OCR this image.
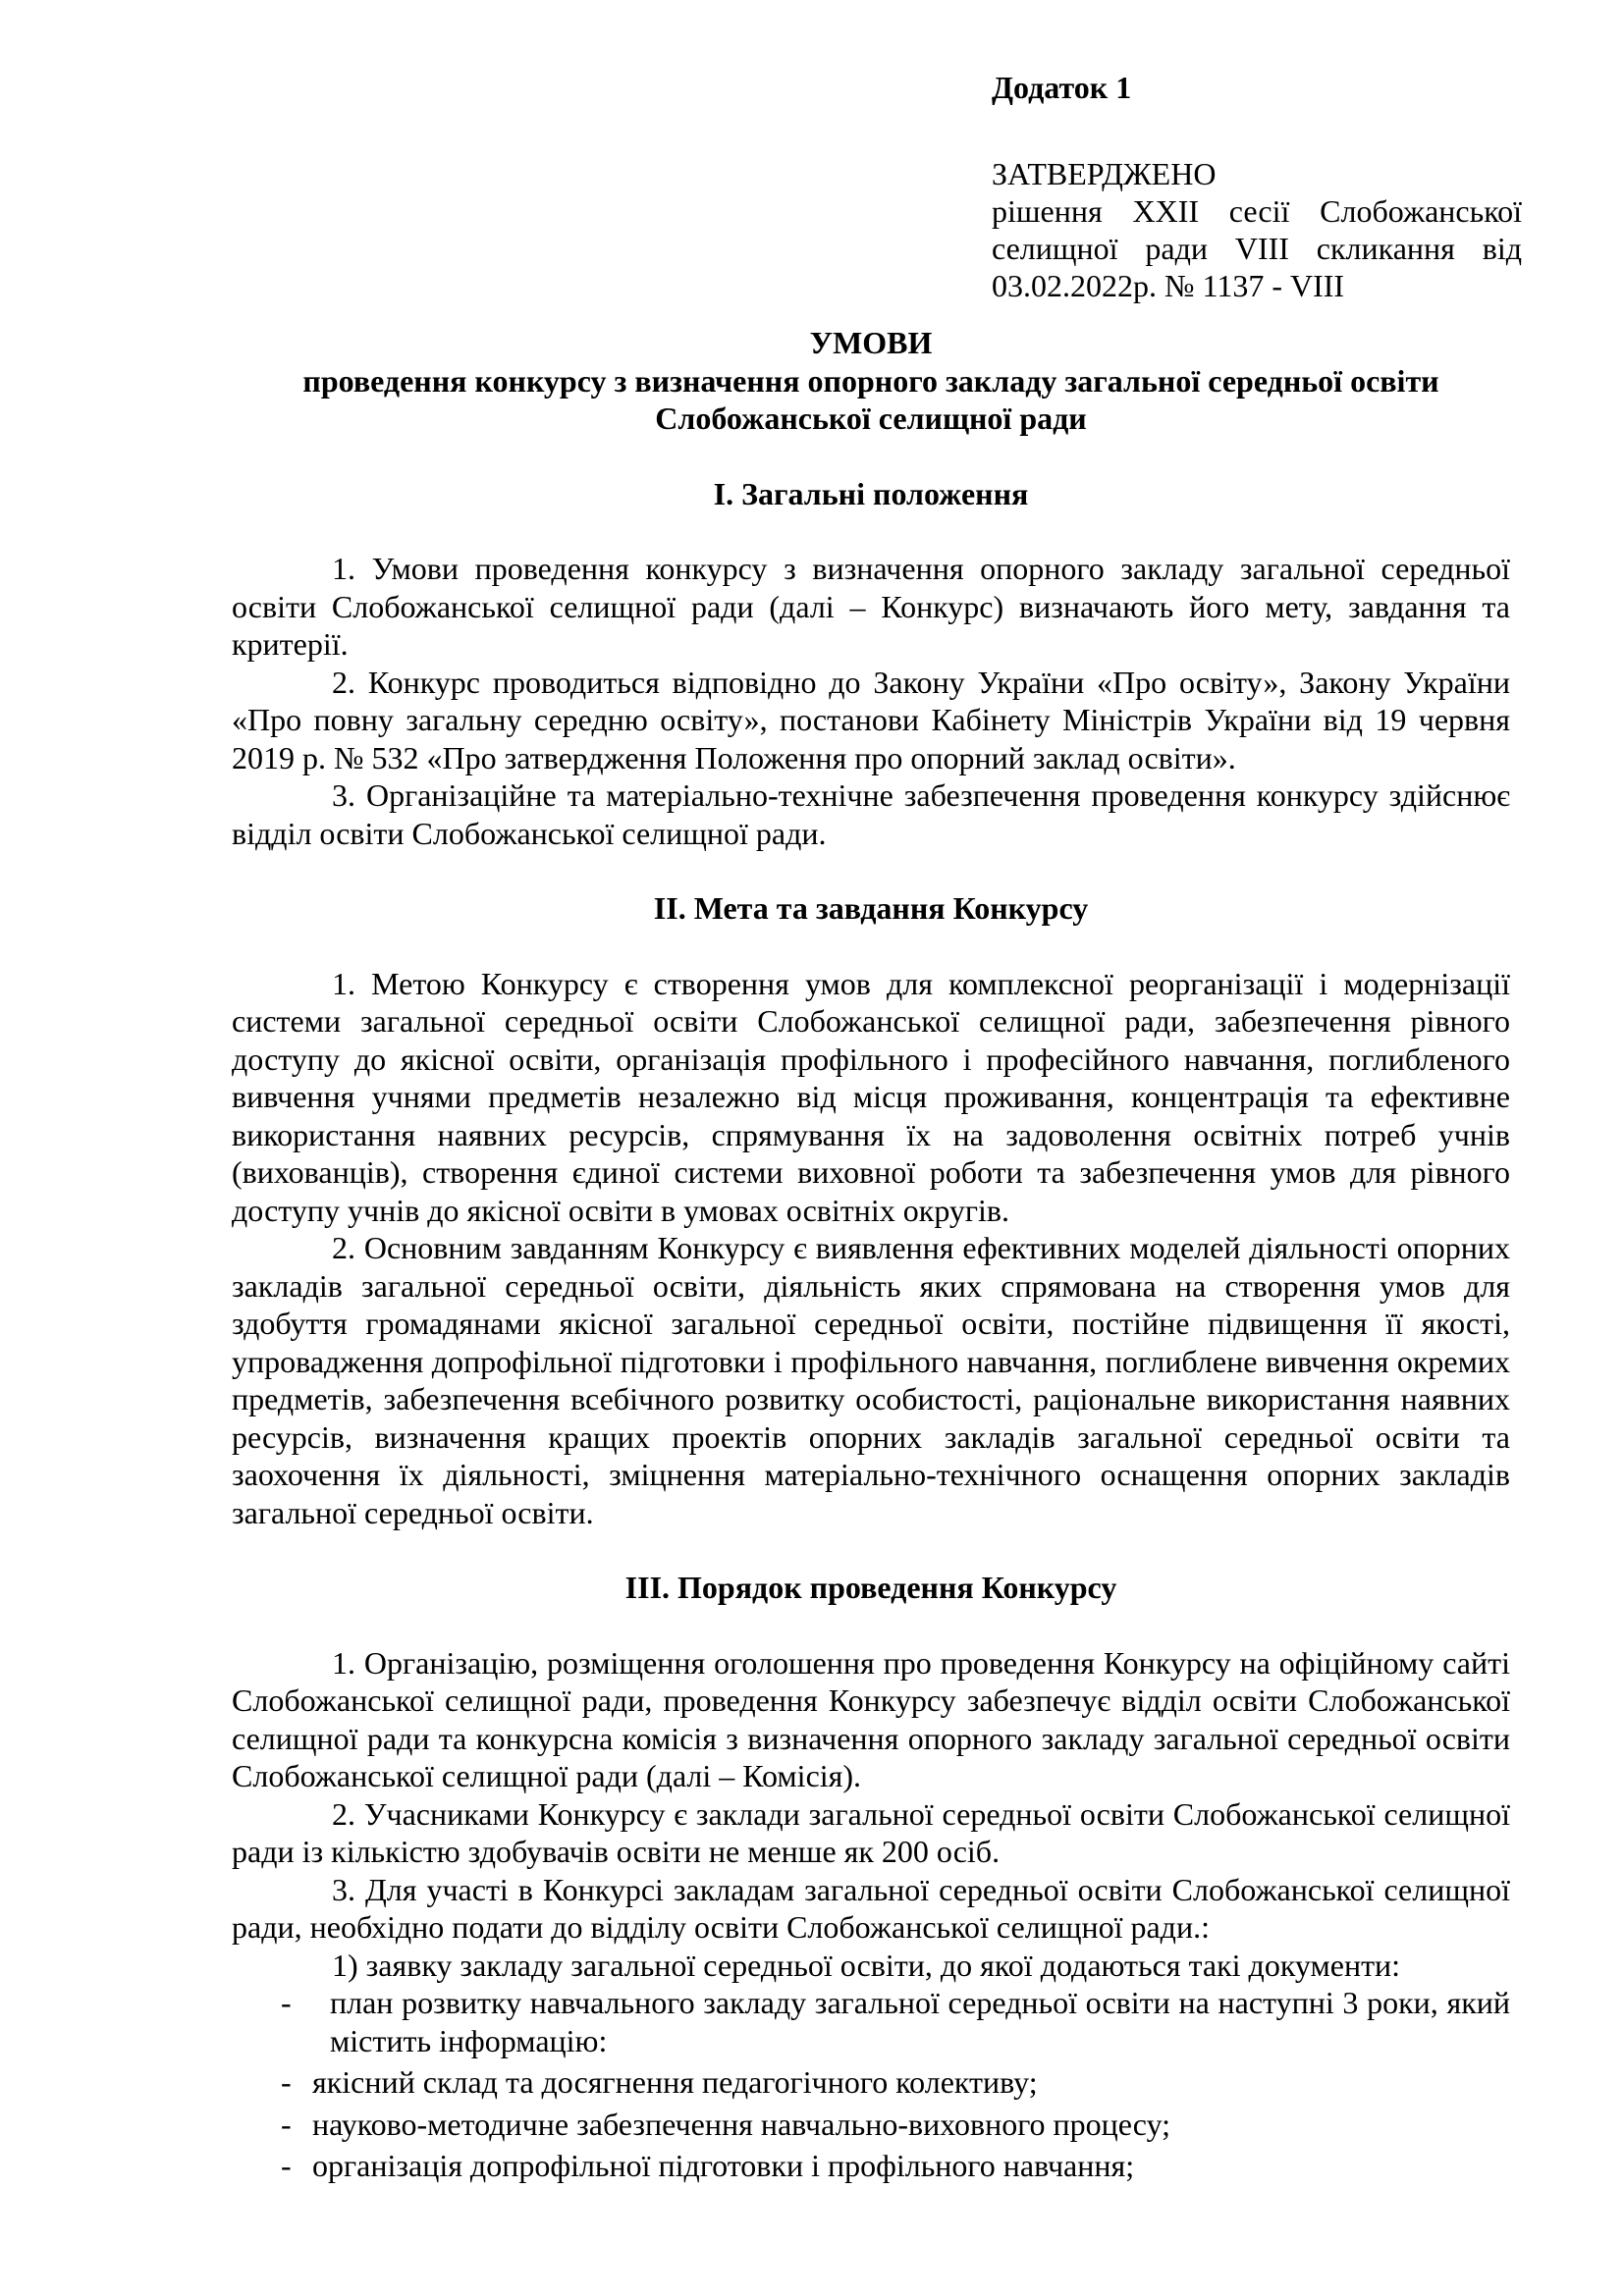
Додаток 1
ЗАТВЕРДЖЕНО
рішення XXII сесії Слобожанської
селищної ради VIII скликання від
03.02.2022р. № 1137 - VIII
УМОВИ
проведення конкурсу з визначення опорного закладу загальної середньої освіти
Слобожанської селищної ради
I. Загальні положення

1. Умови проведення конкурсу з визначення опорного закладу загальної середньої освіти Слобожанської селищної ради (далі – Конкурс) визначають його мету, завдання та критерії.

2. Конкурс проводиться відповідно до Закону України «Про освіту», Закону України «Про повну загальну середню освіту», постанови Кабінету Міністрів України від 19 червня 2019 р. № 532 «Про затвердження Положення про опорний заклад освіти».

3. Організаційне та матеріально-технічне забезпечення проведення конкурсу здійснює відділ освіти Слобожанської селищної ради.

II. Мета та завдання Конкурсу

1. Метою Конкурсу є створення умов для комплексної реорганізації і модернізації системи загальної середньої освіти Слобожанської селищної ради, забезпечення рівного доступу до якісної освіти, організація профільного і професійного навчання, поглибленого вивчення учнями предметів незалежно від місця проживання, концентрація та ефективне використання наявних ресурсів, спрямування їх на задоволення освітніх потреб учнів (вихованців), створення єдиної системи виховної роботи та забезпечення умов для рівного доступу учнів до якісної освіти в умовах освітніх округів.

2. Основним завданням Конкурсу є виявлення ефективних моделей діяльності опорних закладів загальної середньої освіти, діяльність яких спрямована на створення умов для здобуття громадянами якісної загальної середньої освіти, постійне підвищення її якості, упровадження допрофільної підготовки і профільного навчання, поглиблене вивчення окремих предметів, забезпечення всебічного розвитку особистості, раціональне використання наявних ресурсів, визначення кращих проектів опорних закладів загальної середньої освіти та заохочення їх діяльності, зміцнення матеріально-технічного оснащення опорних закладів загальної середньої освіти.

III. Порядок проведення Конкурсу

1. Організацію, розміщення оголошення про проведення Конкурсу на офіційному сайті Слобожанської селищної ради, проведення Конкурсу забезпечує відділ освіти Слобожанської селищної ради та конкурсна комісія з визначення опорного закладу загальної середньої освіти Слобожанської селищної ради (далі – Комісія).

2. Учасниками Конкурсу є заклади загальної середньої освіти Слобожанської селищної ради із кількістю здобувачів освіти не менше як 200 осіб.

3. Для участі в Конкурсі закладам загальної середньої освіти Слобожанської селищної ради, необхідно подати до відділу освіти Слобожанської селищної ради.:

1) заявку закладу загальної середньої освіти, до якої додаються такі документи:

- план розвитку навчального закладу загальної середньої освіти на наступні 3 роки, який містить інформацію:
- якісний склад та досягнення педагогічного колективу;
- науково-методичне забезпечення навчально-виховного процесу;
- організація допрофільної підготовки і профільного навчання;
